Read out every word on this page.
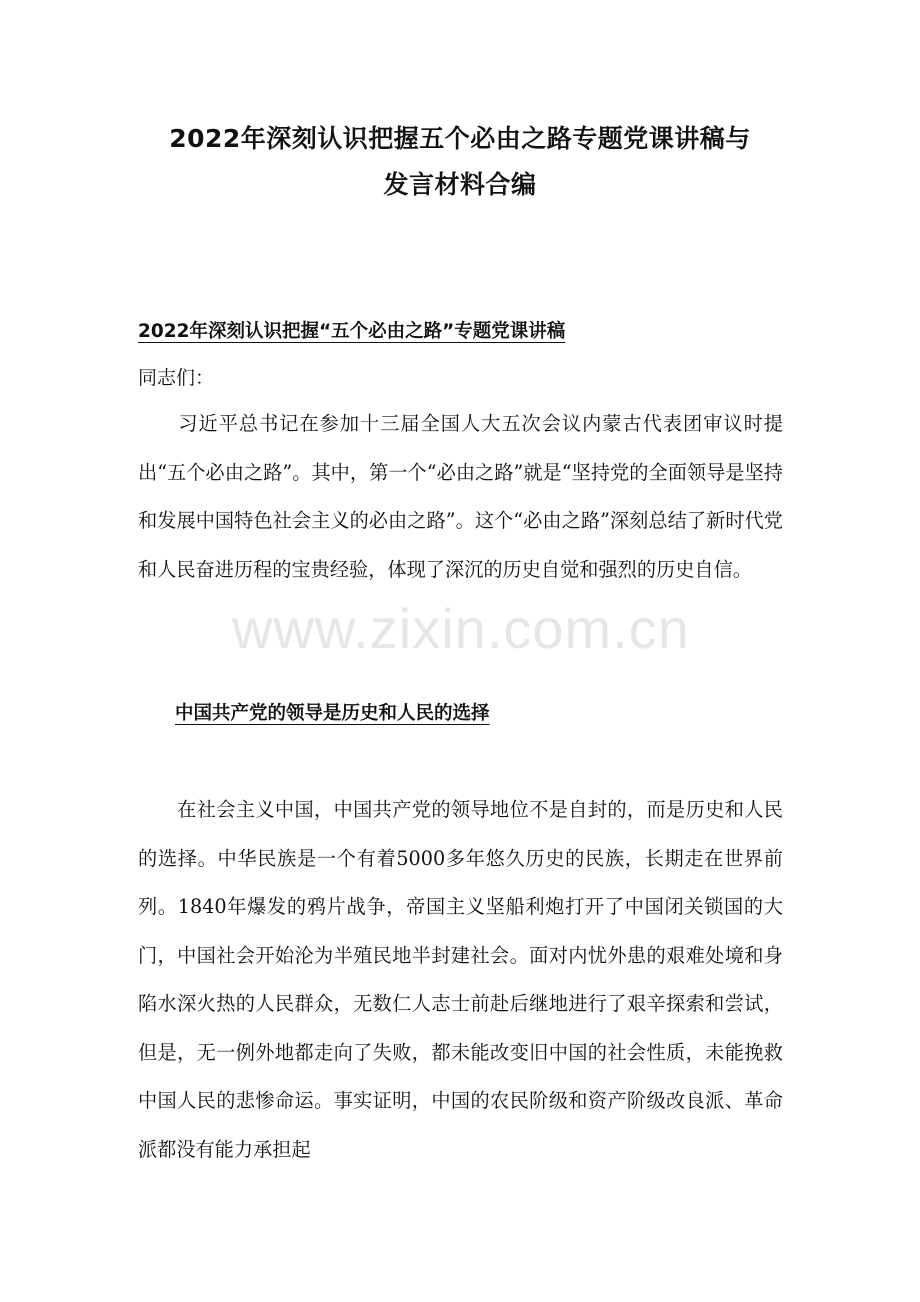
2022年深刻认识把握五个必由之路专题党课讲稿与
发言材料合编
2022年深刻认识把握“五个必由之路”专题党课讲稿

同志们：

　　习近平总书记在参加十三届全国人大五次会议内蒙古代表团审议时提出“五个必由之路”。其中，第一个“必由之路”就是“坚持党的全面领导是坚持和发展中国特色社会主义的必由之路”。这个“必由之路”深刻总结了新时代党和人民奋进历程的宝贵经验，体现了深沉的历史自觉和强烈的历史自信。

www.zixin.com.cn
中国共产党的领导是历史和人民的选择

　　在社会主义中国，中国共产党的领导地位不是自封的，而是历史和人民的选择。中华民族是一个有着5000多年悠久历史的民族，长期走在世界前列。1840年爆发的鸦片战争，帝国主义坚船利炮打开了中国闭关锁国的大门，中国社会开始沦为半殖民地半封建社会。面对内忧外患的艰难处境和身陷水深火热的人民群众，无数仁人志士前赴后继地进行了艰辛探索和尝试，但是，无一例外地都走向了失败，都未能改变旧中国的社会性质，未能挽救中国人民的悲惨命运。事实证明，中国的农民阶级和资产阶级改良派、革命派都没有能力承担起
